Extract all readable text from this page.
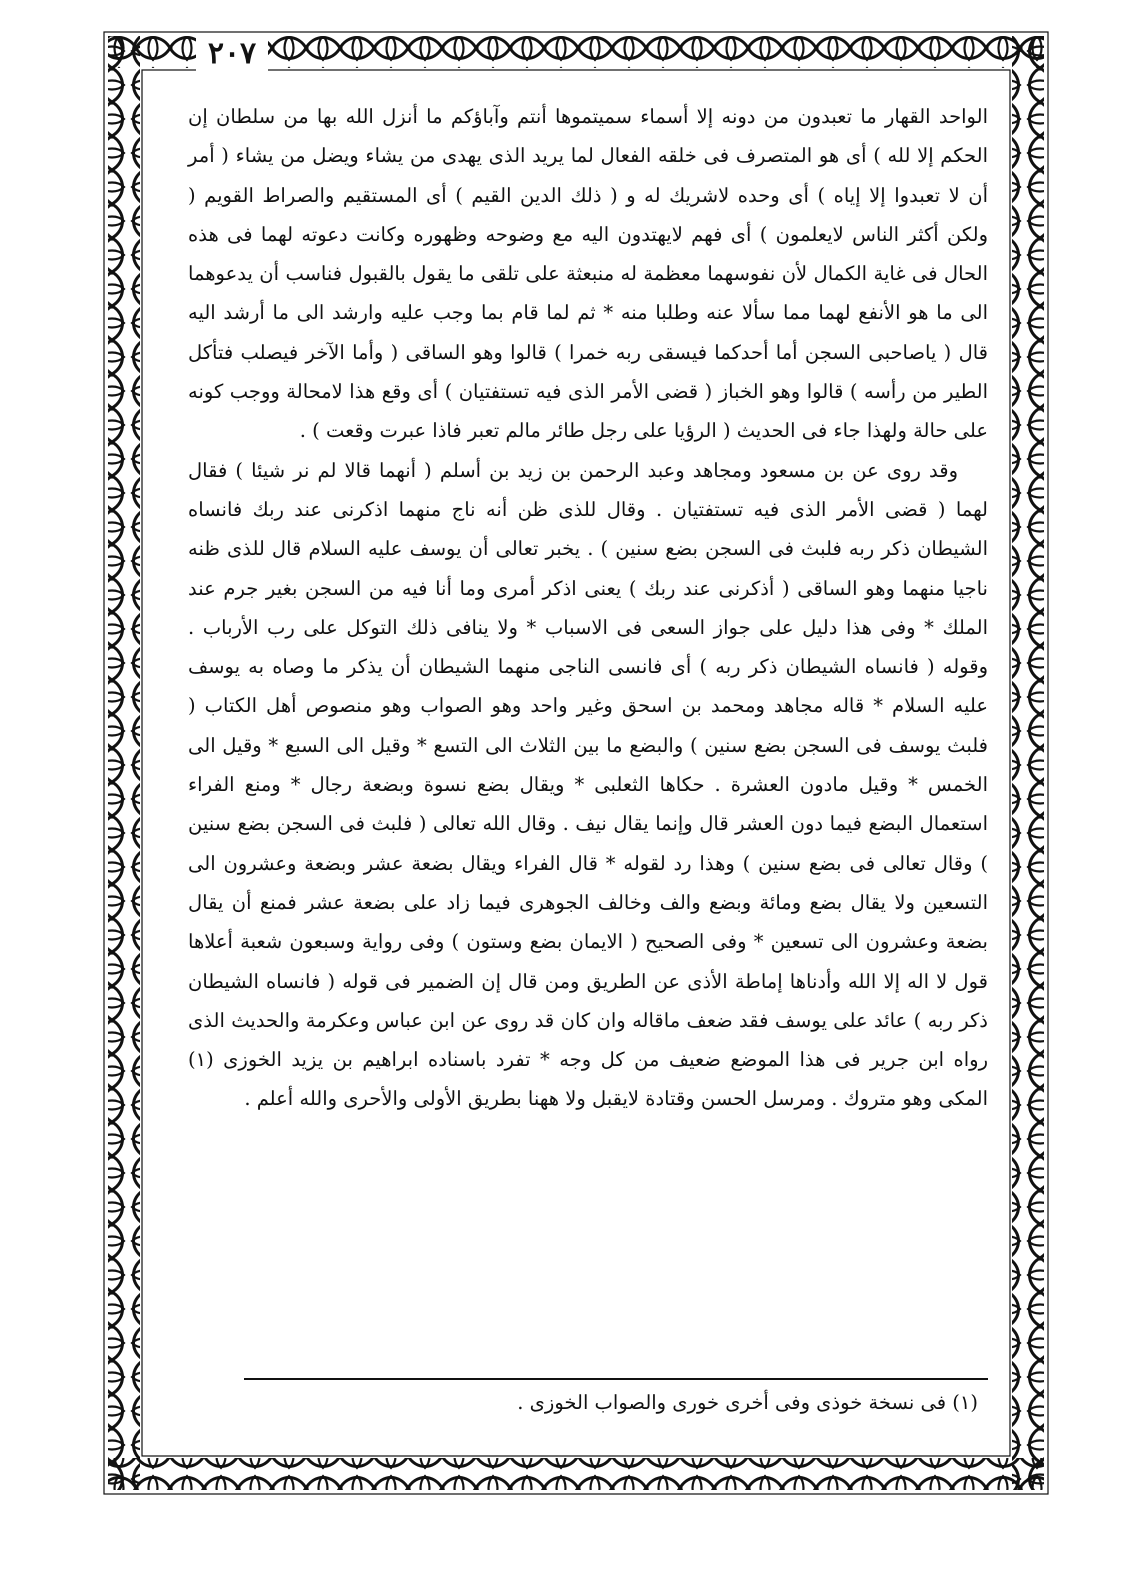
٢٠٧

الواحد القهار ما تعبدون من دونه إلا أسماء سميتموها أنتم وآباؤكم ما أنزل الله بها من سلطان إن الحكم إلا لله ) أى هو المتصرف فى خلقه الفعال لما يريد الذى يهدى من يشاء ويضل من يشاء ( أمر أن لا تعبدوا إلا إياه ) أى وحده لاشريك له و ( ذلك الدين القيم ) أى المستقيم والصراط القويم ( ولكن أكثر الناس لايعلمون ) أى فهم لايهتدون اليه مع وضوحه وظهوره وكانت دعوته لهما فى هذه الحال فى غاية الكمال لأن نفوسهما معظمة له منبعثة على تلقى ما يقول بالقبول فناسب أن يدعوهما الى ما هو الأنفع لهما مما سألا عنه وطلبا منه * ثم لما قام بما وجب عليه وارشد الى ما أرشد اليه قال ( ياصاحبى السجن أما أحدكما فيسقى ربه خمرا ) قالوا وهو الساقى ( وأما الآخر فيصلب فتأكل الطير من رأسه ) قالوا وهو الخباز ( قضى الأمر الذى فيه تستفتيان ) أى وقع هذا لامحالة ووجب كونه على حالة ولهذا جاء فى الحديث ( الرؤيا على رجل طائر مالم تعبر فاذا عبرت وقعت ) .

وقد روى عن بن مسعود ومجاهد وعبد الرحمن بن زيد بن أسلم ( أنهما قالا لم نر شيئا ) فقال لهما ( قضى الأمر الذى فيه تستفتيان . وقال للذى ظن أنه ناج منهما اذكرنى عند ربك فانساه الشيطان ذكر ربه فلبث فى السجن بضع سنين ) . يخبر تعالى أن يوسف عليه السلام قال للذى ظنه ناجيا منهما وهو الساقى ( أذكرنى عند ربك ) يعنى اذكر أمرى وما أنا فيه من السجن بغير جرم عند الملك * وفى هذا دليل على جواز السعى فى الاسباب * ولا ينافى ذلك التوكل على رب الأرباب . وقوله ( فانساه الشيطان ذكر ربه ) أى فانسى الناجى منهما الشيطان أن يذكر ما وصاه به يوسف عليه السلام * قاله مجاهد ومحمد بن اسحق وغير واحد وهو الصواب وهو منصوص أهل الكتاب ( فلبث يوسف فى السجن بضع سنين ) والبضع ما بين الثلاث الى التسع * وقيل الى السبع * وقيل الى الخمس * وقيل مادون العشرة . حكاها الثعلبى * ويقال بضع نسوة وبضعة رجال * ومنع الفراء استعمال البضع فيما دون العشر قال وإنما يقال نيف . وقال الله تعالى ( فلبث فى السجن بضع سنين ) وقال تعالى فى بضع سنين ) وهذا رد لقوله * قال الفراء ويقال بضعة عشر وبضعة وعشرون الى التسعين ولا يقال بضع ومائة وبضع والف وخالف الجوهرى فيما زاد على بضعة عشر فمنع أن يقال بضعة وعشرون الى تسعين * وفى الصحيح ( الايمان بضع وستون ) وفى رواية وسبعون شعبة أعلاها قول لا اله إلا الله وأدناها إماطة الأذى عن الطريق ومن قال إن الضمير فى قوله ( فانساه الشيطان ذكر ربه ) عائد على يوسف فقد ضعف ماقاله وان كان قد روى عن ابن عباس وعكرمة والحديث الذى رواه ابن جرير فى هذا الموضع ضعيف من كل وجه * تفرد باسناده ابراهيم بن يزيد الخوزى (١) المكى وهو متروك . ومرسل الحسن وقتادة لايقبل ولا ههنا بطريق الأولى والأحرى والله أعلم .

(١) فى نسخة خوذى وفى أخرى خورى والصواب الخوزى .
